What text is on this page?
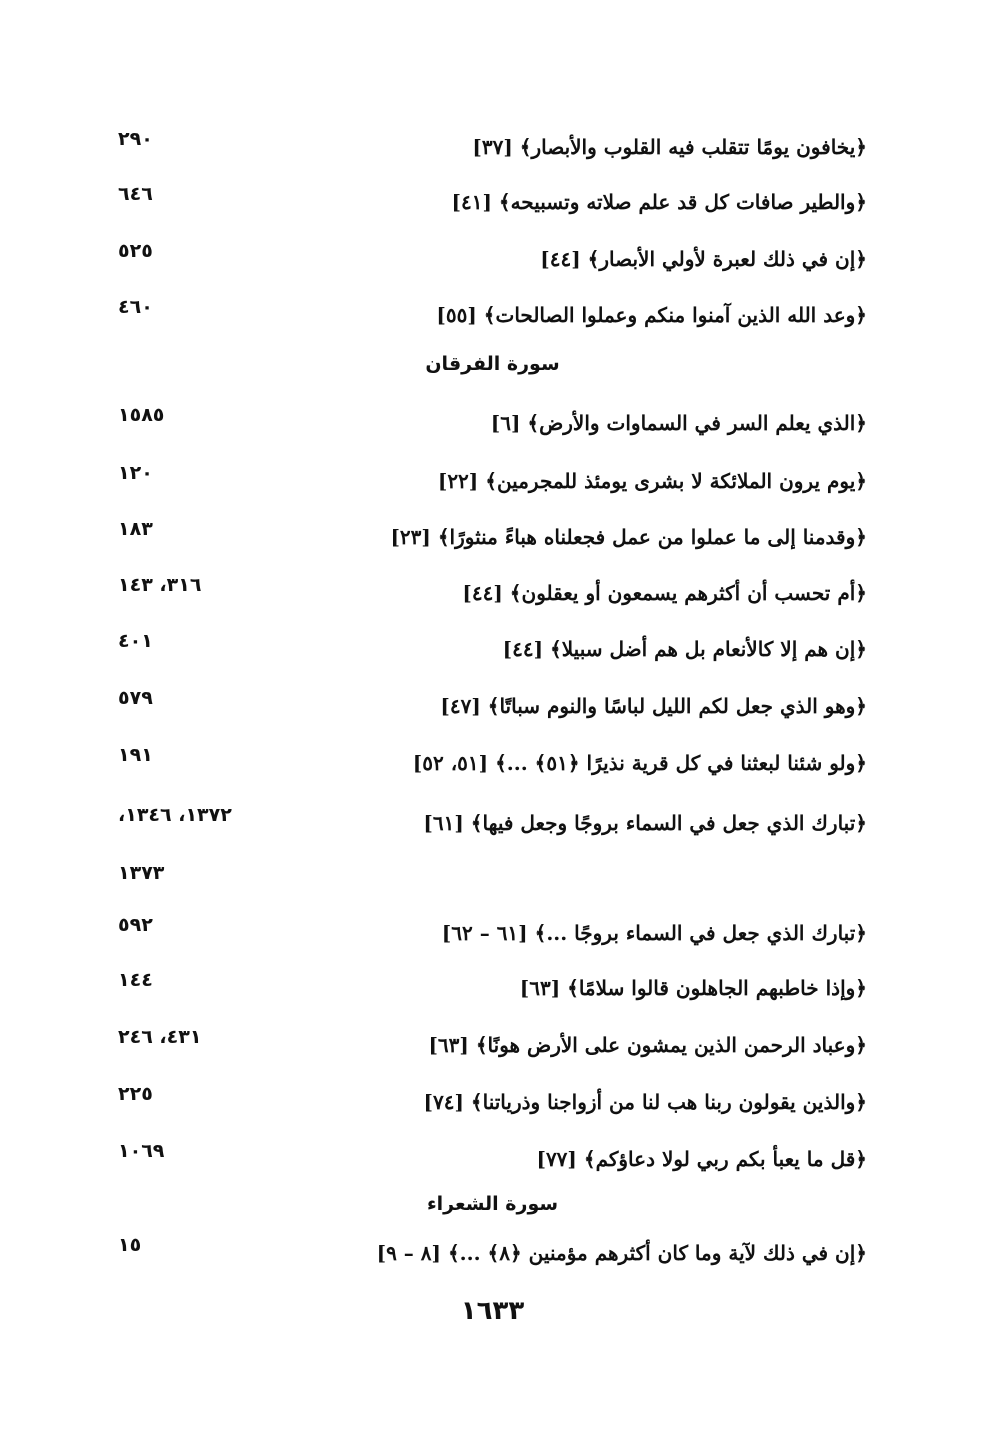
﴿يخافون يومًا تتقلب فيه القلوب والأبصار﴾ [٣٧]
٢٩٠
﴿والطير صافات كل قد علم صلاته وتسبيحه﴾ [٤١]
٦٤٦
﴿إن في ذلك لعبرة لأولي الأبصار﴾ [٤٤]
٥٢٥
﴿وعد الله الذين آمنوا منكم وعملوا الصالحات﴾ [٥٥]
٤٦٠
سورة الفرقان
﴿الذي يعلم السر في السماوات والأرض﴾ [٦]
١٥٨٥
﴿يوم يرون الملائكة لا بشرى يومئذ للمجرمين﴾ [٢٢]
١٢٠
﴿وقدمنا إلى ما عملوا من عمل فجعلناه هباءً منثورًا﴾ [٢٣]
١٨٣
﴿أم تحسب أن أكثرهم يسمعون أو يعقلون﴾ [٤٤]
٣١٦، ١٤٣
﴿إن هم إلا كالأنعام بل هم أضل سبيلا﴾ [٤٤]
٤٠١
﴿وهو الذي جعل لكم الليل لباسًا والنوم سباتًا﴾ [٤٧]
٥٧٩
﴿ولو شئنا لبعثنا في كل قرية نذيرًا ﴿٥١﴾ ...﴾ [٥١، ٥٢]
١٩١
﴿تبارك الذي جعل في السماء بروجًا وجعل فيها﴾ [٦١]
١٣٧٢، ١٣٤٦،
١٣٧٣
﴿تبارك الذي جعل في السماء بروجًا ...﴾ [٦١ – ٦٢]
٥٩٢
﴿وإذا خاطبهم الجاهلون قالوا سلامًا﴾ [٦٣]
١٤٤
﴿وعباد الرحمن الذين يمشون على الأرض هونًا﴾ [٦٣]
٤٣١، ٢٤٦
﴿والذين يقولون ربنا هب لنا من أزواجنا وذرياتنا﴾ [٧٤]
٢٢٥
﴿قل ما يعبأ بكم ربي لولا دعاؤكم﴾ [٧٧]
١٠٦٩
سورة الشعراء
﴿إن في ذلك لآية وما كان أكثرهم مؤمنين ﴿٨﴾ ...﴾ [٨ – ٩]
١٥
١٦٣٣
